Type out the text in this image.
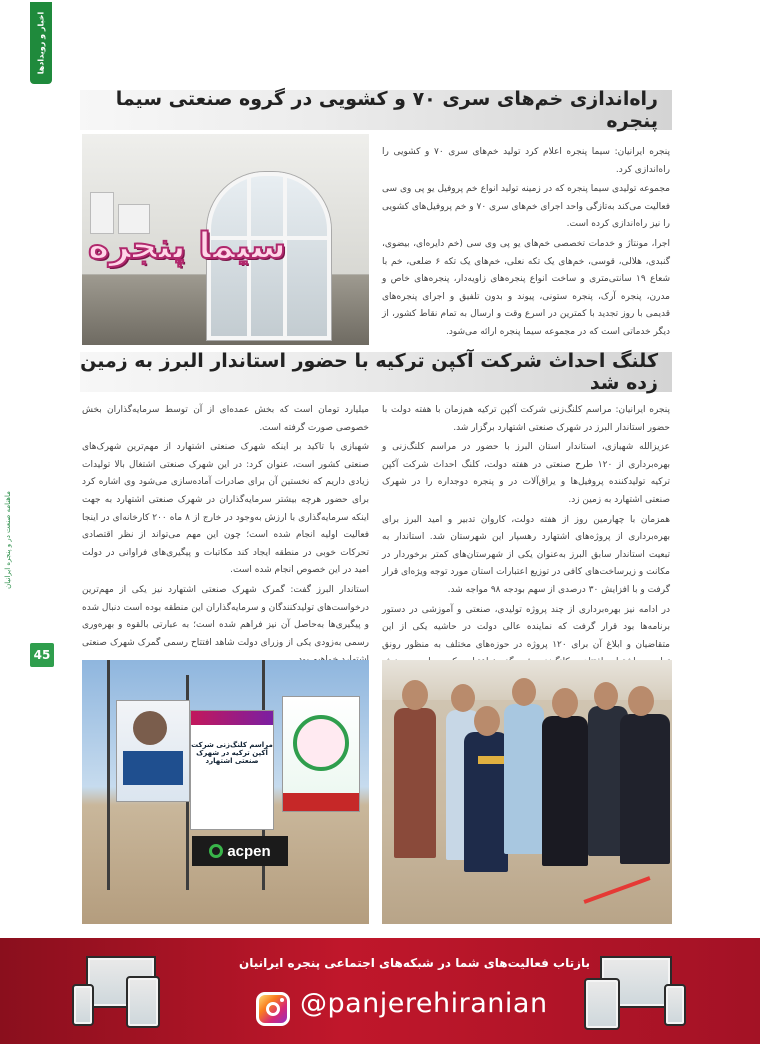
اخبار و رویدادها
ماهنامه صنعت در و پنجره ایرانیان
45
راه‌اندازی خم‌های سری ۷۰ و کشویی در گروه صنعتی سیما پنجره
سیما پنجره

پنجره ایرانیان: سیما پنجره اعلام کرد تولید خم‌های سری ۷۰ و کشویی را راه‌اندازی کرد.

مجموعه تولیدی سیما پنجره که در زمینه تولید انواع خم پروفیل یو پی وی سی فعالیت می‌کند به‌تازگی واحد اجرای خم‌های سری ۷۰ و خم پروفیل‌های کشویی را نیز راه‌اندازی کرده است.

اجرا، مونتاژ و خدمات تخصصی خم‌های یو پی وی سی (خم دایره‌ای، بیضوی، گنبدی، هلالی، قوسی، خم‌های یک تکه نعلی، خم‌های یک تکه ۶ ضلعی، خم با شعاع ۱۹ سانتی‌متری و ساخت انواع پنجره‌های زاویه‌دار، پنجره‌های خاص و مدرن، پنجره آرک، پنجره ستونی، پیوند و بدون تلفیق و اجرای پنجره‌های قدیمی با روز تجدید با کمترین در اسرع وقت و ارسال به تمام نقاط کشور، از دیگر خدماتی است که در مجموعه سیما پنجره ارائه می‌شود.

کلنگ احداث شرکت آکپن ترکیه با حضور استاندار البرز به زمین زده شد

پنجره ایرانیان: مراسم کلنگ‌زنی شرکت آکپن ترکیه هم‌زمان با هفته دولت با حضور استاندار البرز در شهرک صنعتی اشتهارد برگزار شد.

عزیزالله شهبازی، استاندار استان البرز با حضور در مراسم کلنگ‌زنی و بهره‌برداری از ۱۲۰ طرح صنعتی در هفته دولت، کلنگ احداث شرکت آکپن ترکیه تولیدکننده پروفیل‌ها و یراق‌آلات در و پنجره دوجداره را در شهرک صنعتی اشتهارد به زمین زد.

همزمان با چهارمین روز از هفته دولت، کاروان تدبیر و امید البرز برای بهره‌برداری از پروژه‌های اشتهارد رهسپار این شهرستان شد. استاندار به تبعیت استاندار سابق البرز به‌عنوان یکی از شهرستان‌های کمتر برخوردار در مکانت و زیرساخت‌های کافی در توزیع اعتبارات استان مورد توجه ویژه‌ای قرار گرفت و با افزایش ۳۰ درصدی از سهم بودجه ۹۸ مواجه شد.

در ادامه نیز بهره‌برداری از چند پروژه تولیدی، صنعتی و آموزشی در دستور برنامه‌ها بود قرار گرفت که نماینده عالی دولت در حاشیه یکی از این متقاضیان و ابلاغ آن برای ۱۲۰ پروژه در حوزه‌های مختلف به منظور رونق

میلیارد تومان است که بخش عمده‌ای از آن توسط سرمایه‌گذاران بخش خصوصی صورت گرفته است.

شهبازی با تاکید بر اینکه شهرک صنعتی اشتهارد از مهم‌ترین شهرک‌های صنعتی کشور است، عنوان کرد: در این شهرک صنعتی اشتغال بالا تولیدات زیادی داریم که نخستین آن برای صادرات آماده‌سازی می‌شود وی اشاره کرد برای حضور هرچه بیشتر سرمایه‌گذاران در شهرک صنعتی اشتهارد به جهت اینکه سرمایه‌گذاری با ارزش به‌وجود در خارج از ۸ ماه ۲۰۰ کارخانه‌ای در اینجا فعالیت اولیه انجام شده است؛ چون این مهم می‌تواند از نظر اقتصادی تحرکات خوبی در منطقه ایجاد کند مکاتبات و پیگیری‌های فراوانی در دولت امید در این خصوص انجام شده است.

استاندار البرز گفت: گمرک شهرک صنعتی اشتهارد نیز یکی از مهم‌ترین درخواست‌های تولیدکنندگان و سرمایه‌گذاران این منطقه بوده است دنبال شده و پیگیری‌ها به‌حاصل آن نیز فراهم شده است؛ به عبارتی بالقوه و بهره‌وری رسمی به‌زودی یکی از وزرای دولت شاهد افتتاح رسمی گمرک شهرک صنعتی

مراسم کلنگ‌زنی شرکت آکپن ترکیه در شهرک صنعتی اشتهارد
acpen
بازتاب فعالیت‌های شما در شبکه‌های اجتماعی پنجره ایرانیان
@panjerehiranian
